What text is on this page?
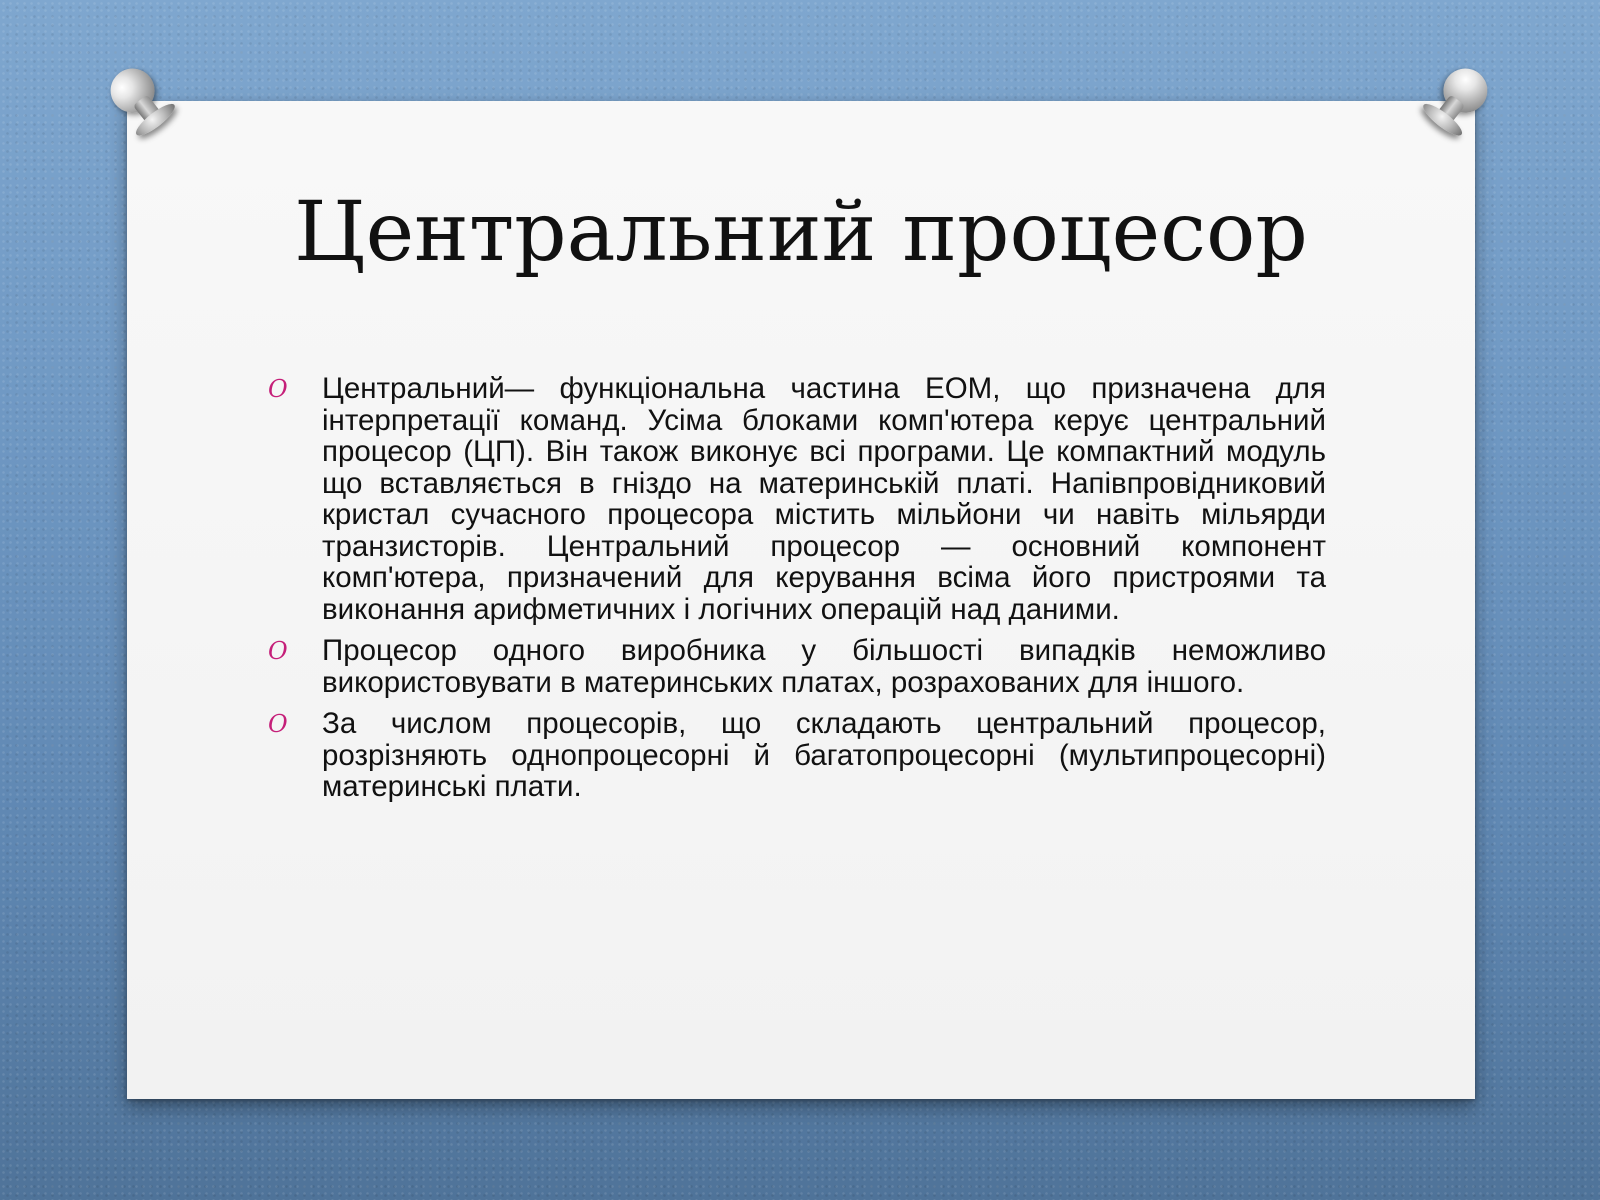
Центральний процесор
O Центральний— функціональна частина ЕОМ, що призначена для інтерпретації команд. Усіма блоками комп'ютера керує центральний процесор (ЦП). Він також виконує всі програми. Це компактний модуль що вставляється в гніздо на материнській платі. Напівпровідниковий кристал сучасного процесора містить мільйони чи навіть мільярди транзисторів. Центральний процесор — основний компонент комп'ютера, призначений для керування всіма його пристроями та виконання арифметичних і логічних операцій над даними.
O Процесор одного виробника у більшості випадків неможливо використовувати в материнських платах, розрахованих для іншого.
O За числом процесорів, що складають центральний процесор, розрізняють однопроцесорні й багатопроцесорні (мультипроцесорні) материнські плати.
